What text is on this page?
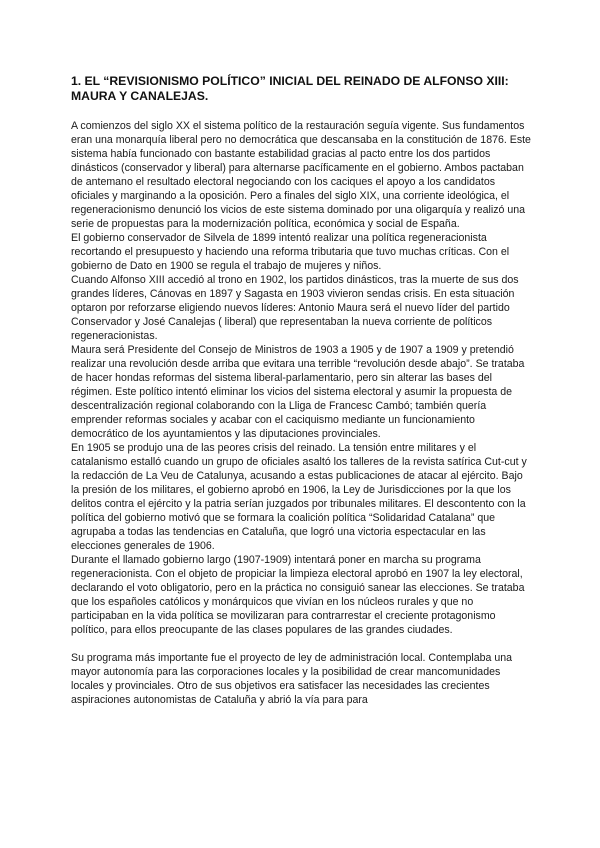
1. EL “REVISIONISMO POLÍTICO” INICIAL DEL REINADO DE ALFONSO XIII: MAURA Y CANALEJAS.

A comienzos del siglo XX el sistema político de la restauración seguía vigente. Sus fundamentos eran una monarquía liberal pero no democrática que descansaba en la constitución de 1876. Este sistema había funcionado con bastante estabilidad gracias al pacto entre los dos partidos dinásticos (conservador y liberal) para alternarse pacíficamente en el gobierno. Ambos pactaban de antemano el resultado electoral negociando con los caciques el apoyo a los candidatos oficiales y marginando a la oposición. Pero a finales del siglo XIX, una corriente ideológica, el regeneracionismo denunció los vicios de este sistema dominado por una oligarquía y realizó una serie de propuestas para la modernización política, económica y social de España.

El gobierno conservador de Silvela de 1899 intentó realizar una política regeneracionista recortando el presupuesto y haciendo una reforma tributaria que tuvo muchas críticas. Con el gobierno de Dato en 1900 se regula el trabajo de mujeres y niños.

Cuando Alfonso XIII accedió al trono en 1902, los partidos dinásticos, tras la muerte de sus dos grandes líderes, Cánovas en 1897 y Sagasta en 1903 vivieron sendas crisis. En esta situación optaron por reforzarse eligiendo nuevos líderes: Antonio Maura será el nuevo líder del partido Conservador y José Canalejas ( liberal) que representaban la nueva corriente de políticos regeneracionistas.

Maura será Presidente del Consejo de Ministros de 1903 a 1905 y de 1907 a 1909 y pretendió realizar una revolución desde arriba que evitara una terrible “revolución desde abajo”. Se trataba de hacer hondas reformas del sistema liberal-parlamentario, pero sin alterar las bases del régimen. Este político intentó eliminar los vicios del sistema electoral y asumir la propuesta de descentralización regional colaborando con la Lliga de Francesc Cambó; también quería emprender reformas sociales y acabar con el caciquismo mediante un funcionamiento democrático de los ayuntamientos y las diputaciones provinciales.

En 1905 se produjo una de las peores crisis del reinado. La tensión entre militares y el catalanismo estalló cuando un grupo de oficiales asaltó los talleres de la revista satírica Cut-cut y la redacción de La Veu de Catalunya, acusando a estas publicaciones de atacar al ejército. Bajo la presión de los militares, el gobierno aprobó en 1906, la Ley de Jurisdicciones por la que los delitos contra el ejército y la patria serían juzgados por tribunales militares. El descontento con la política del gobierno motivó que se formara la coalición política “Solidaridad Catalana” que agrupaba a todas las tendencias en Cataluña, que logró una victoria espectacular en las elecciones generales de 1906.

Durante el llamado gobierno largo (1907-1909) intentará poner en marcha su programa regeneracionista. Con el objeto de propiciar la limpieza electoral aprobó en 1907 la ley electoral, declarando el voto obligatorio, pero en la práctica no consiguió sanear las elecciones. Se trataba que los españoles católicos y monárquicos que vivían en los núcleos rurales y que no participaban en la vida política se movilizaran para contrarrestar el creciente protagonismo político, para ellos preocupante de las clases populares de las grandes ciudades.

Su programa más importante fue el proyecto de ley de administración local. Contemplaba una mayor autonomía para las corporaciones locales y la posibilidad de crear mancomunidades locales y provinciales. Otro de sus objetivos era satisfacer las necesidades las crecientes aspiraciones autonomistas de Cataluña y abrió la vía para para
